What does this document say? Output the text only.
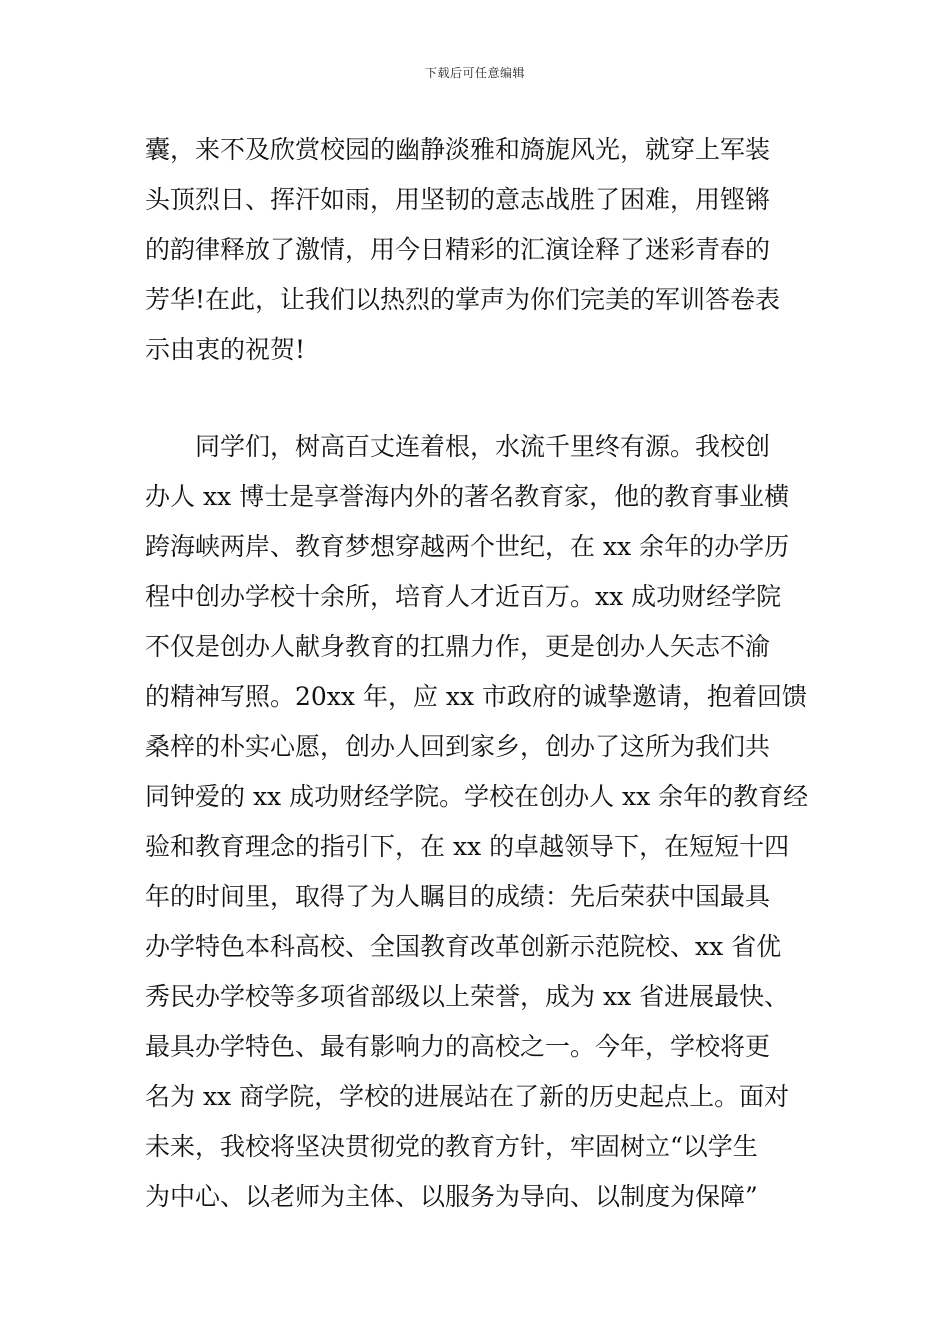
下载后可任意编辑
囊，来不及欣赏校园的幽静淡雅和旖旎风光，就穿上军装
头顶烈日、挥汗如雨，用坚韧的意志战胜了困难，用铿锵
的韵律释放了激情，用今日精彩的汇演诠释了迷彩青春的
芳华!在此，让我们以热烈的掌声为你们完美的军训答卷表
示由衷的祝贺!
　　同学们，树高百丈连着根，水流千里终有源。我校创
办人 xx 博士是享誉海内外的著名教育家，他的教育事业横
跨海峡两岸、教育梦想穿越两个世纪，在 xx 余年的办学历
程中创办学校十余所，培育人才近百万。xx 成功财经学院
不仅是创办人献身教育的扛鼎力作，更是创办人矢志不渝
的精神写照。20xx 年，应 xx 市政府的诚挚邀请，抱着回馈
桑梓的朴实心愿，创办人回到家乡，创办了这所为我们共
同钟爱的 xx 成功财经学院。学校在创办人 xx 余年的教育经
验和教育理念的指引下，在 xx 的卓越领导下，在短短十四
年的时间里，取得了为人瞩目的成绩：先后荣获中国最具
办学特色本科高校、全国教育改革创新示范院校、xx 省优
秀民办学校等多项省部级以上荣誉，成为 xx 省进展最快、
最具办学特色、最有影响力的高校之一。今年，学校将更
名为 xx 商学院，学校的进展站在了新的历史起点上。面对
未来，我校将坚决贯彻党的教育方针，牢固树立“以学生
为中心、以老师为主体、以服务为导向、以制度为保障”
